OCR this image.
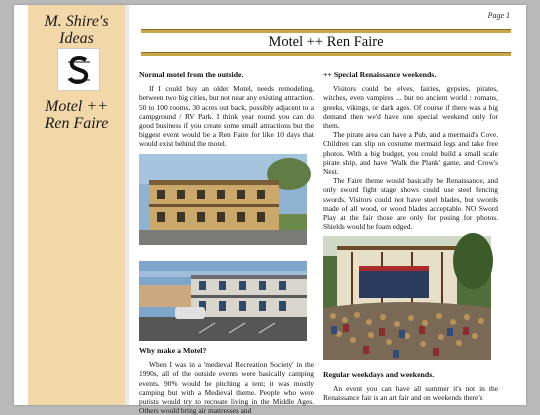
M. Shire's
Ideas
Motel ++
Ren Faire
Page 1
Motel ++ Ren Faire
Normal motel from the outside.

If I could buy an older Motel, needs remodeling, between two big cities, but not near any existing attraction. 50 to 100 rooms, 30 acres out back, possibly adjacent to a campground / RV Park. I think year round you can do good business if you create some small attractions but the biggest event would be a Ren Faire for like 10 days that would exist behind the motel.

Why make a Motel?

When I was in a 'medieval Recreation Society' in the 1990s, all of the outside events were basically camping events. 90% would be pitching a tent; it was mostly camping but with a Medieval theme. People who were purists would try to recreate living in the Middle Ages. Others would bring air mattresses and

++ Special Renaissance weekends.

Visitors could be elves, fairies, gypsies, pirates, witches, even vampires ... but no ancient world : romans, greeks, vikings, or dark ages. Of course if there was a big demand then we'd have one special weekend only for them.

The pirate area can have a Pub, and a mermaid's Cove. Children can slip on costume mermaid legs and take free photos. With a big budget, you could build a small scale pirate ship, and have 'Walk the Plank' game, and Crow's Nest.

The Faire theme would basically be Renaissance, and only sword fight stage shows could use steel fencing swords. Visitors could not have steel blades, but swords made of all wood, or wood blades acceptable. NO Sword Play at the fair those are only for posing for photos. Shields would be foam edged.

Regular weekdays and weekends.

An event you can have all summer it's not in the Renaissance fair is an art fair and on weekends there's
